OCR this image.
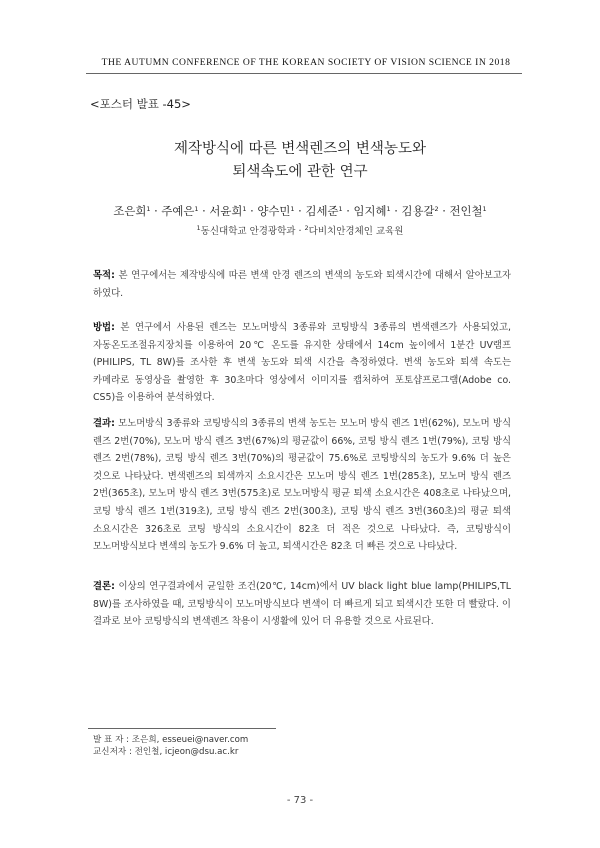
THE AUTUMN CONFERENCE OF THE KOREAN SOCIETY OF VISION SCIENCE IN 2018
<포스터 발표 -45>
제작방식에 따른 변색렌즈의 변색농도와
퇴색속도에 관한 연구
조은희$^1$ · 주예은$^1$ · 서윤희$^1$ · 양수민$^1$ · 김세준$^1$ · 임지혜$^1$ · 김용갈$^2$ · 전인철$^1$
$^1$동신대학교 안경광학과 · $^2$다비치안경체인 교육원
목적: 본 연구에서는 제작방식에 따른 변색 안경 렌즈의 변색의 농도와 퇴색시간에 대해서 알아보고자 하였다.
방법: 본 연구에서 사용된 렌즈는 모노머방식 3종류와 코팅방식 3종류의 변색렌즈가 사용되었고, 자동온도조절유지장치를 이용하여 20℃ 온도를 유지한 상태에서 14cm 높이에서 1분간 UV램프(PHILIPS, TL 8W)를 조사한 후 변색 농도와 퇴색 시간을 측정하였다. 변색 농도와 퇴색 속도는 카메라로 동영상을 촬영한 후 30초마다 영상에서 이미지를 캡처하여 포토샵프로그램(Adobe co. CS5)을 이용하여 분석하였다.
결과: 모노머방식 3종류와 코팅방식의 3종류의 변색 농도는 모노머 방식 렌즈 1번(62%), 모노머 방식 렌즈 2번(70%), 모노머 방식 렌즈 3번(67%)의 평균값이 66%, 코팅 방식 렌즈 1번(79%), 코팅 방식 렌즈 2번(78%), 코팅 방식 렌즈 3번(70%)의 평균값이 75.6%로 코팅방식의 농도가 9.6% 더 높은 것으로 나타났다. 변색렌즈의 퇴색까지 소요시간은 모노머 방식 렌즈 1번(285초), 모노머 방식 렌즈 2번(365초), 모노머 방식 렌즈 3번(575초)로 모노머방식 평균 퇴색 소요시간은 408초로 나타났으며, 코팅 방식 렌즈 1번(319초), 코팅 방식 렌즈 2번(300초), 코팅 방식 렌즈 3번(360초)의 평균 퇴색 소요시간은 326초로 코팅 방식의 소요시간이 82초 더 적은 것으로 나타났다. 즉, 코팅방식이 모노머방식보다 변색의 농도가 9.6% 더 높고, 퇴색시간은 82초 더 빠른 것으로 나타났다.
결론: 이상의 연구결과에서 균일한 조건(20℃, 14cm)에서 UV black light blue lamp(PHILIPS,TL 8W)를 조사하였을 때, 코팅방식이 모노머방식보다 변색이 더 빠르게 되고 퇴색시간 또한 더 빨랐다. 이 결과로 보아 코팅방식의 변색렌즈 착용이 시생활에 있어 더 유용할 것으로 사료된다.
발 표 자 : 조은희, esseuei@naver.com
교신저자 : 전인철, icjeon@dsu.ac.kr
- 73 -
